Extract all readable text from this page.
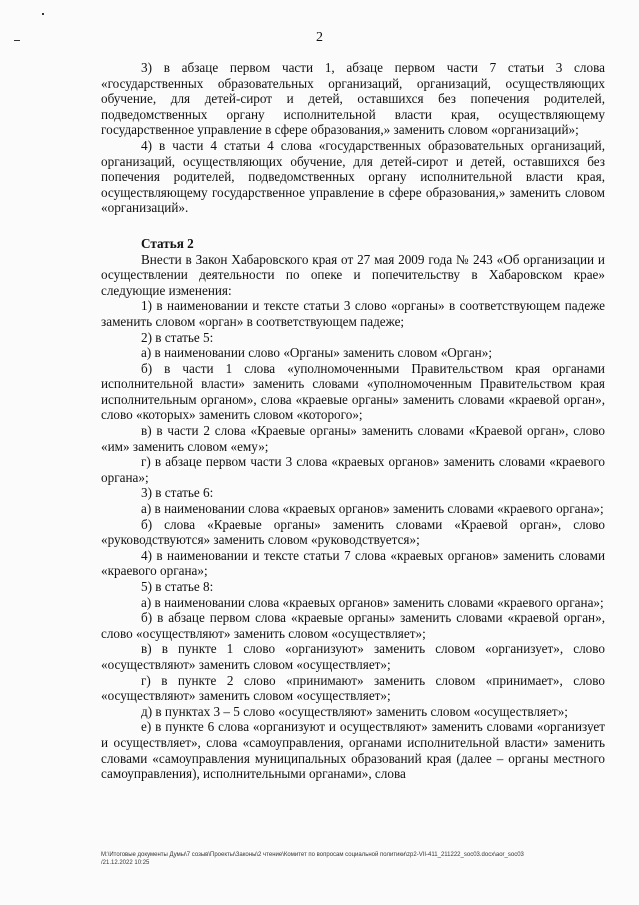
2

3) в абзаце первом части 1, абзаце первом части 7 статьи 3 слова «государственных образовательных организаций, организаций, осуществляющих обучение, для детей-сирот и детей, оставшихся без попечения родителей, подведомственных органу исполнительной власти края, осуществляющему государственное управление в сфере образования,» заменить словом «организаций»;

4) в части 4 статьи 4 слова «государственных образовательных организаций, организаций, осуществляющих обучение, для детей-сирот и детей, оставшихся без попечения родителей, подведомственных органу исполнительной власти края, осуществляющему государственное управление в сфере образования,» заменить словом «организаций».

Статья 2

Внести в Закон Хабаровского края от 27 мая 2009 года № 243 «Об организации и осуществлении деятельности по опеке и попечительству в Хабаровском крае» следующие изменения:

1) в наименовании и тексте статьи 3 слово «органы» в соответствующем падеже заменить словом «орган» в соответствующем падеже;

2) в статье 5:

а) в наименовании слово «Органы» заменить словом «Орган»;

б) в части 1 слова «уполномоченными Правительством края органами исполнительной власти» заменить словами «уполномоченным Правительством края исполнительным органом», слова «краевые органы» заменить словами «краевой орган», слово «которых» заменить словом «которого»;

в) в части 2 слова «Краевые органы» заменить словами «Краевой орган», слово «им» заменить словом «ему»;

г) в абзаце первом части 3 слова «краевых органов» заменить словами «краевого органа»;

3) в статье 6:

а) в наименовании слова «краевых органов» заменить словами «краевого органа»;

б) слова «Краевые органы» заменить словами «Краевой орган», слово «руководствуются» заменить словом «руководствуется»;

4) в наименовании и тексте статьи 7 слова «краевых органов» заменить словами «краевого органа»;

5) в статье 8:

а) в наименовании слова «краевых органов» заменить словами «краевого органа»;

б) в абзаце первом слова «краевые органы» заменить словами «краевой орган», слово «осуществляют» заменить словом «осуществляет»;

в) в пункте 1 слово «организуют» заменить словом «организует», слово «осуществляют» заменить словом «осуществляет»;

г) в пункте 2 слово «принимают» заменить словом «принимает», слово «осуществляют» заменить словом «осуществляет»;

д) в пунктах 3 – 5 слово «осуществляют» заменить словом «осуществляет»;

е) в пункте 6 слова «организуют и осуществляют» заменить словами «организует и осуществляет», слова «самоуправления, органами исполнительной власти» заменить словами «самоуправления муниципальных образований края (далее – органы местного самоуправления), исполнительными органами», слова

М:\Итоговые документы Думы\7 созыв\Проекты\Законы\2 чтение\Комитет по вопросам социальной политики\zp2-VII-411_211222_soc03.docx\aor_soc03
/21.12.2022 10:25
